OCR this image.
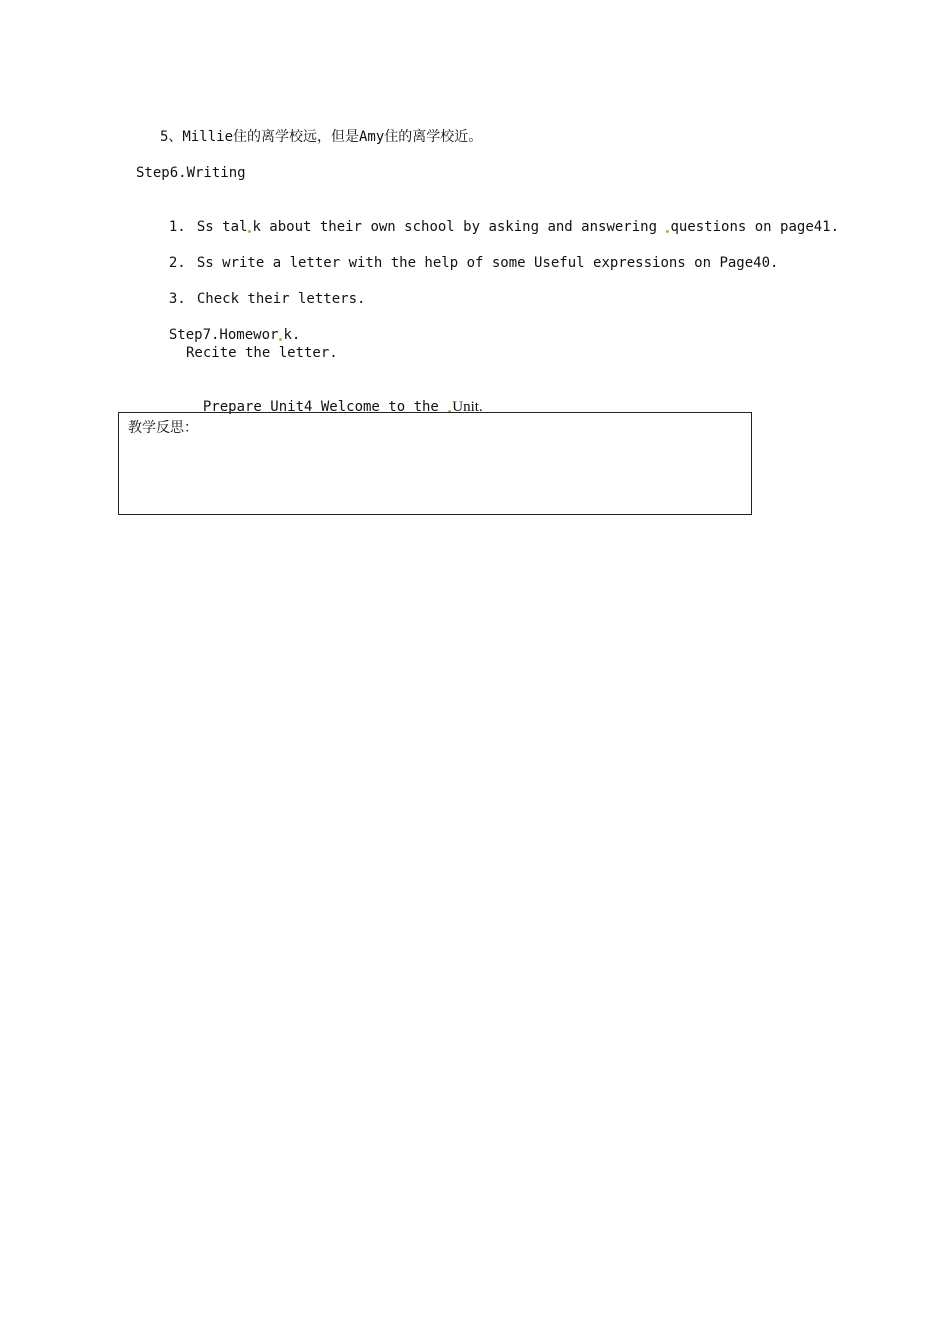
5、Millie住的离学校远，但是Amy住的离学校近。
Step6.Writing

1. Ss tal k about their own school by asking and answering questions on page41.

2. Ss write a letter with the help of some Useful expressions on Page40.

3. Check their letters.

Step7.Homewor k.

Recite the letter.

Prepare Unit4 Welcome to the Unit.

教学反思：
